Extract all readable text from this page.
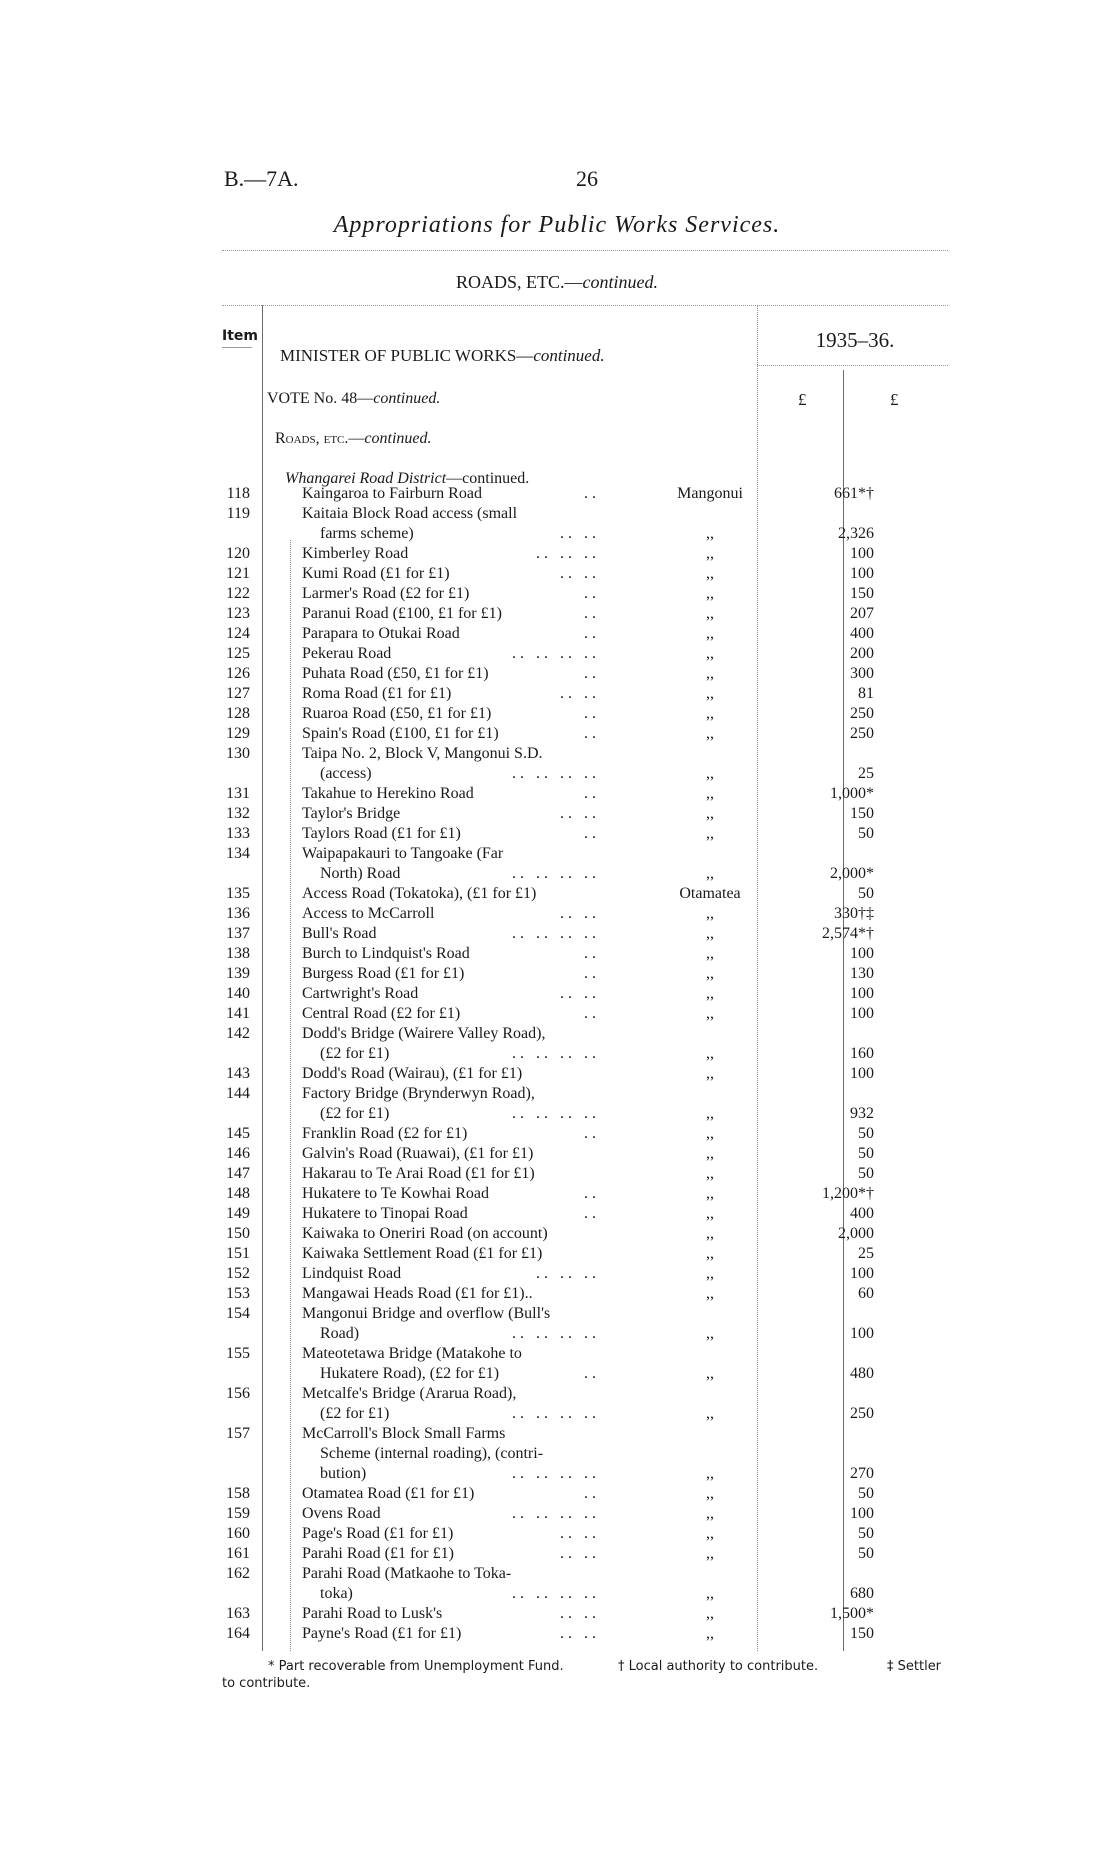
B.—7A.	26
Appropriations for Public Works Services.
ROADS, ETC.—continued.
Item	1935–36.
MINISTER OF PUBLIC WORKS—continued.
VOTE No. 48—continued.	£	£
Roads, etc.—continued.
Whangarei Road District—continued.
118	Kaingaroa to Fairburn Road	..	Mangonui	661*†
119	Kaitaia Block Road access (small
farms scheme)	.. ..	,,	2,326
120	Kimberley Road	.. .. ..	,,	100
121	Kumi Road (£1 for £1)	.. ..	,,	100
122	Larmer's Road (£2 for £1)	..	,,	150
123	Paranui Road (£100, £1 for £1)	..	,,	207
124	Parapara to Otukai Road	..	,,	400
125	Pekerau Road	.. .. .. ..	,,	200
126	Puhata Road (£50, £1 for £1)	..	,,	300
127	Roma Road (£1 for £1)	.. ..	,,	81
128	Ruaroa Road (£50, £1 for £1)	..	,,	250
129	Spain's Road (£100, £1 for £1)	..	,,	250
130	Taipa No. 2, Block V, Mangonui S.D.
(access)	.. .. .. ..	,,	25
131	Takahue to Herekino Road	..	,,	1,000*
132	Taylor's Bridge	.. ..	,,	150
133	Taylors Road (£1 for £1)	..	,,	50
134	Waipapakauri to Tangoake (Far
North) Road	.. .. .. ..	,,	2,000*
135	Access Road (Tokatoka), (£1 for £1)	Otamatea	50
136	Access to McCarroll	.. ..	,,	330†‡
137	Bull's Road	.. .. .. ..	,,	2,574*†
138	Burch to Lindquist's Road	..	,,	100
139	Burgess Road (£1 for £1)	..	,,	130
140	Cartwright's Road	.. ..	,,	100
141	Central Road (£2 for £1)	..	,,	100
142	Dodd's Bridge (Wairere Valley Road),
(£2 for £1)	.. .. .. ..	,,	160
143	Dodd's Road (Wairau), (£1 for £1)	,,	100
144	Factory Bridge (Brynderwyn Road),
(£2 for £1)	.. .. .. ..	,,	932
145	Franklin Road (£2 for £1)	..	,,	50
146	Galvin's Road (Ruawai), (£1 for £1)	,,	50
147	Hakarau to Te Arai Road (£1 for £1)	,,	50
148	Hukatere to Te Kowhai Road	..	,,	1,200*†
149	Hukatere to Tinopai Road	..	,,	400
150	Kaiwaka to Oneriri Road (on account)	,,	2,000
151	Kaiwaka Settlement Road (£1 for £1)	,,	25
152	Lindquist Road	.. .. ..	,,	100
153	Mangawai Heads Road (£1 for £1)..	,,	60
154	Mangonui Bridge and overflow (Bull's
Road)	.. .. .. ..	,,	100
155	Mateotetawa Bridge (Matakohe to
Hukatere Road), (£2 for £1)	..	,,	480
156	Metcalfe's Bridge (Ararua Road),
(£2 for £1)	.. .. .. ..	,,	250
157	McCarroll's Block Small Farms
Scheme (internal roading), (contri-
bution)	.. .. .. ..	,,	270
158	Otamatea Road (£1 for £1)	..	,,	50
159	Ovens Road	.. .. .. ..	,,	100
160	Page's Road (£1 for £1)	.. ..	,,	50
161	Parahi Road (£1 for £1)	.. ..	,,	50
162	Parahi Road (Matkaohe to Toka-
toka)	.. .. .. ..	,,	680
163	Parahi Road to Lusk's	.. ..	,,	1,500*
164	Payne's Road (£1 for £1)	.. ..	,,	150
* Part recoverable from Unemployment Fund.	† Local authority to contribute.	‡ Settler
to contribute.
